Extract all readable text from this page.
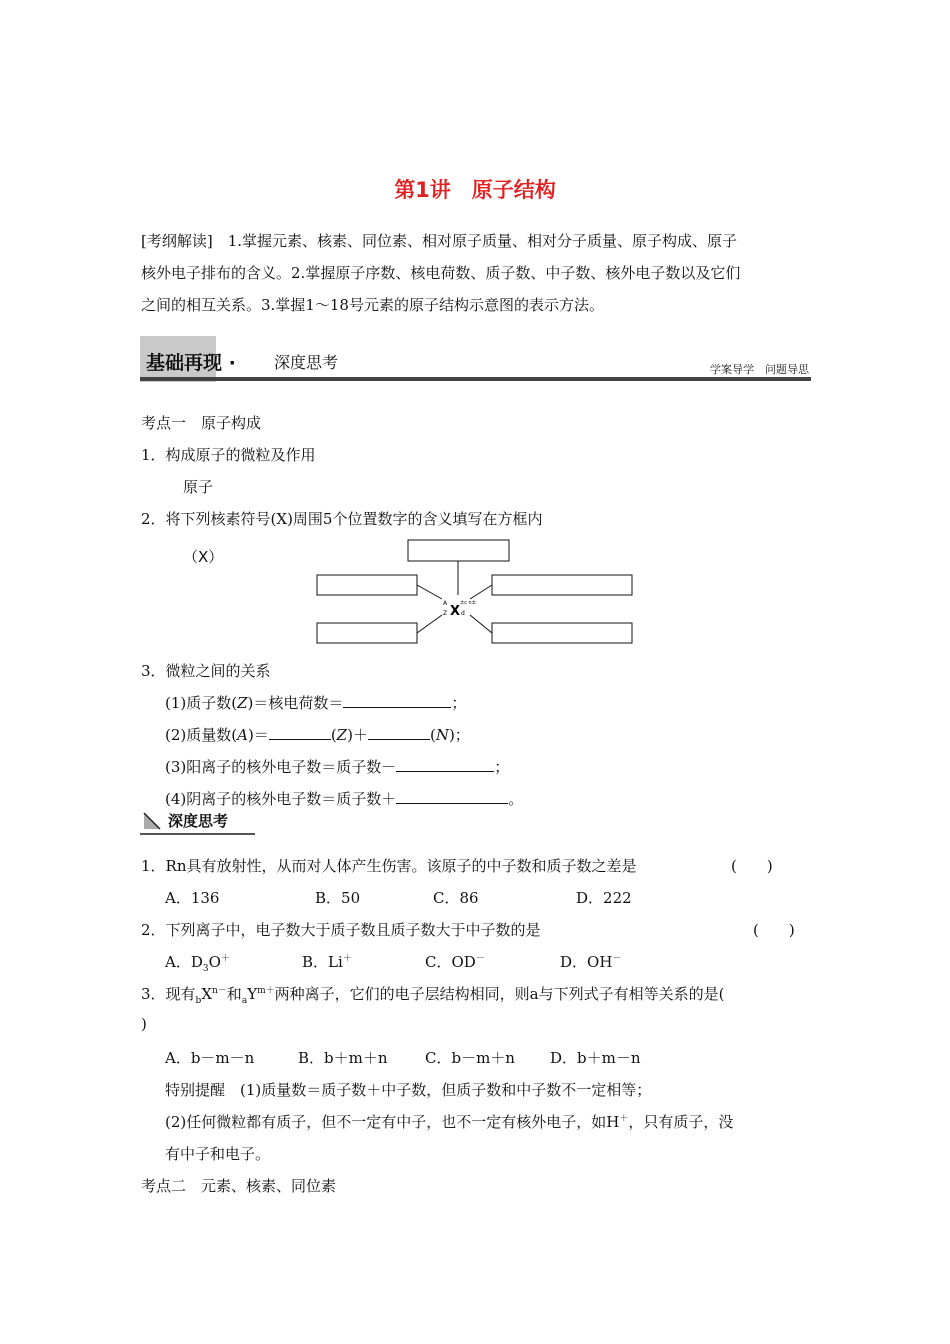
第1讲　原子结构
[考纲解读]　1.掌握元素、核素、同位素、相对原子质量、相对分子质量、原子构成、原子
核外电子排布的含义。2.掌握原子序数、核电荷数、质子数、中子数、核外电子数以及它们
之间的相互关系。3.掌握1～18号元素的原子结构示意图的表示方法。
基础再现 · 深度思考	学案导学　问题导思
考点一　原子构成
1．构成原子的微粒及作用
原子
2．将下列核素符号(X)周围5个位置数字的含义填写在方框内
（X）
X
A
Z
±c n±
d
3．微粒之间的关系
(1)质子数(Z)＝核电荷数＝	；
(2)质量数(A)＝	(Z)＋	(N)；
(3)阳离子的核外电子数＝质子数－	；
(4)阴离子的核外电子数＝质子数＋	。
深度思考
1．Rn具有放射性，从而对人体产生伤害。该原子的中子数和质子数之差是	(　　)
A．136	B．50	C．86	D．222
2．下列离子中，电子数大于质子数且质子数大于中子数的是	(　　)
A．$D_3O^+$	B．Li＋	C．OD－	D．OH－
3．现有$_bX^{n-}$和$_aY^{m+}$两种离子，它们的电子层结构相同，则a与下列式子有相等关系的是(
)
A．b－m－n	B．b＋m＋n C．b－m＋n D．b＋m－n
特别提醒　(1)质量数＝质子数＋中子数，但质子数和中子数不一定相等；
(2)任何微粒都有质子，但不一定有中子，也不一定有核外电子，如H＋，只有质子，没
有中子和电子。
考点二　元素、核素、同位素
